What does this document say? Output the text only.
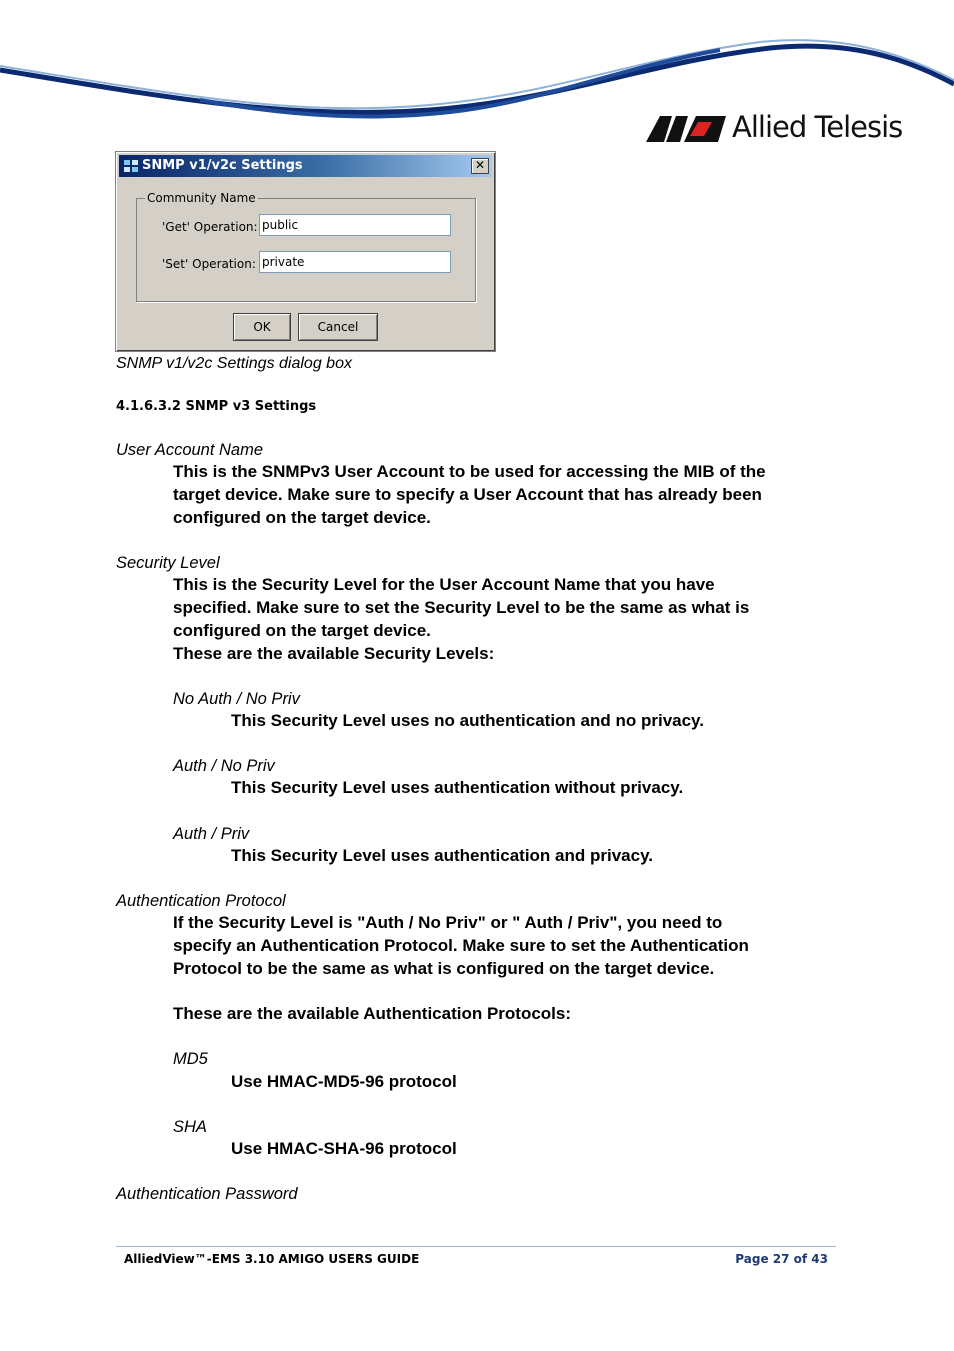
Allied Telesis
SNMP v1/v2c Settings	✕
Community Name
'Get' Operation: public
'Set' Operation: private
OK	Cancel
SNMP v1/v2c Settings dialog box
4.1.6.3.2 SNMP v3 Settings
User Account Name
This is the SNMPv3 User Account to be used for accessing the MIB of the
target device. Make sure to specify a User Account that has already been
configured on the target device.
Security Level
This is the Security Level for the User Account Name that you have
specified. Make sure to set the Security Level to be the same as what is
configured on the target device.
These are the available Security Levels:
No Auth / No Priv
This Security Level uses no authentication and no privacy.
Auth / No Priv
This Security Level uses authentication without privacy.
Auth / Priv
This Security Level uses authentication and privacy.
Authentication Protocol
If the Security Level is "Auth / No Priv" or " Auth / Priv", you need to
specify an Authentication Protocol. Make sure to set the Authentication
Protocol to be the same as what is configured on the target device.
These are the available Authentication Protocols:
MD5
Use HMAC-MD5-96 protocol
SHA
Use HMAC-SHA-96 protocol
Authentication Password
AlliedView™-EMS 3.10 AMIGO USERS GUIDE	Page 27 of 43
